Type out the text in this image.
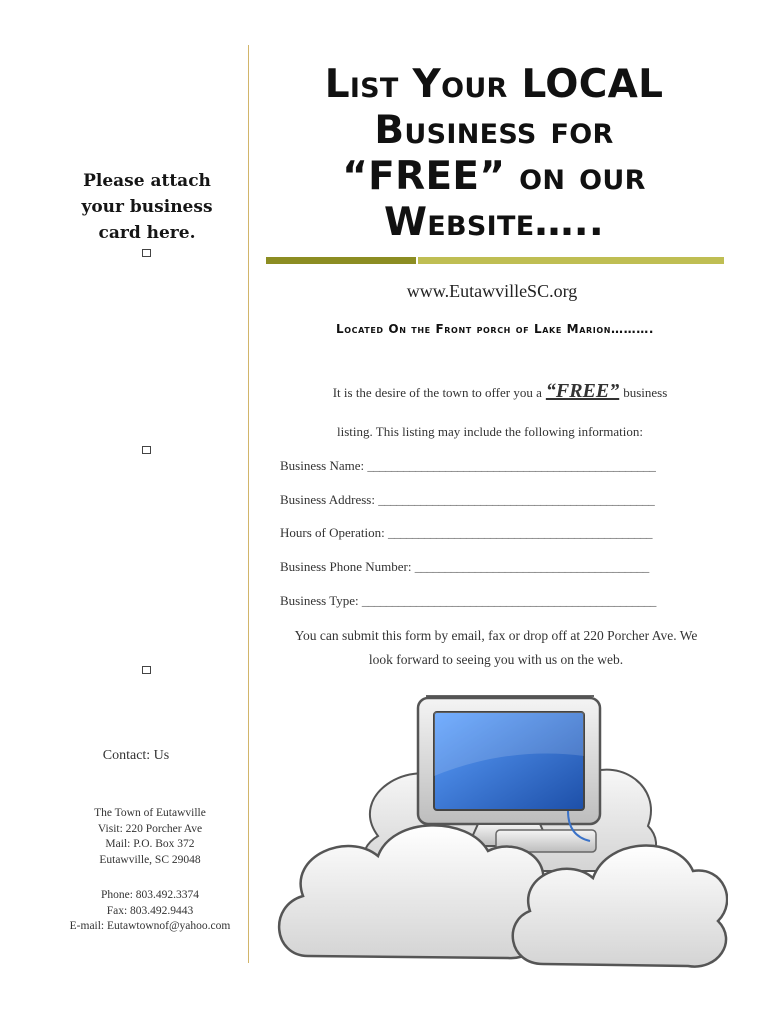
Please attach
your business
card here.
Contact: Us
The Town of Eutawville
Visit: 220 Porcher Ave
Mail: P.O. Box 372
Eutawville, SC 29048
Phone: 803.492.3374
Fax: 803.492.9443
E-mail: Eutawtownof@yahoo.com
List Your LOCAL
Business for
“FREE” on our
Website…..
www.EutawvilleSC.org
Located On the Front porch of Lake Marion……….
It is the desire of the town to offer you a “FREE” business
listing. This listing may include the following information:
Business Name: ________________________________________________
Business Address: ______________________________________________
Hours of Operation: ____________________________________________
Business Phone Number: _______________________________________
Business Type: _________________________________________________
You can submit this form by email, fax or drop off at 220 Porcher Ave. We
look forward to seeing you with us on the web.
